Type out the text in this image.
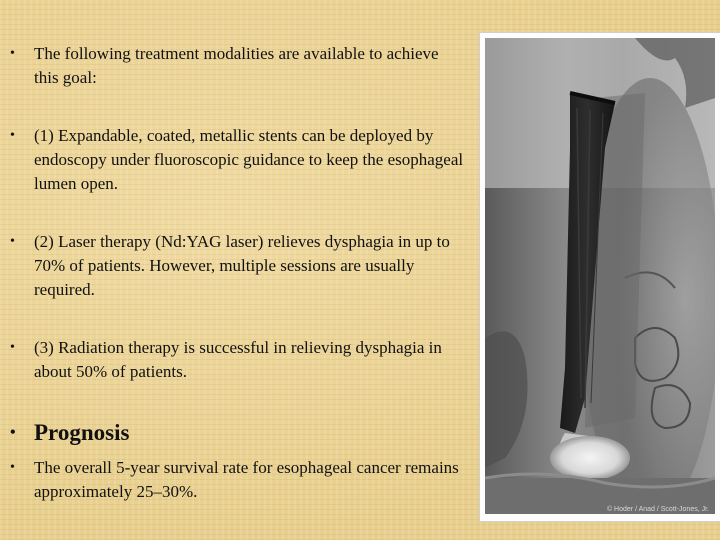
•	The following treatment modalities are available to achieve this goal:
•	(1) Expandable, coated, metallic stents can be deployed by endoscopy under fluoroscopic guidance to keep the esophageal lumen open.
•	(2) Laser therapy (Nd:YAG laser) relieves dysphagia in up to 70% of patients. However, multiple sessions are usually required.
•	(3) Radiation therapy is successful in relieving dysphagia in about 50% of patients.
• Prognosis
•	The overall 5-year survival rate for esophageal cancer remains approximately 25–30%.
© Hoder / Anad / Scott-Jones, Jr.
